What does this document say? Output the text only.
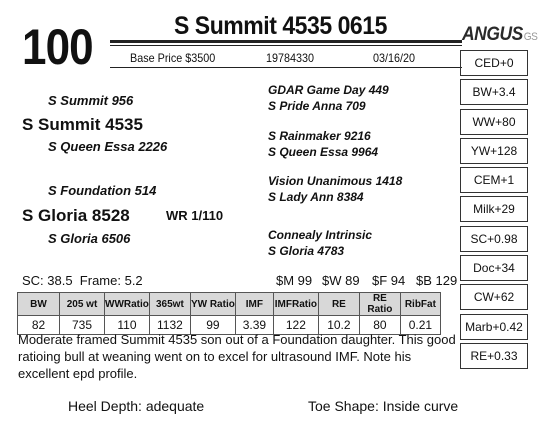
100	S Summit 4535 0615
Base Price $3500	19784330	03/16/20
ANGUSGS
S Summit 956
S Summit 4535
S Queen Essa 2226
S Foundation 514
S Gloria 8528	WR 1/110
S Gloria 6506
GDAR Game Day 449
S Pride Anna 709
S Rainmaker 9216
S Queen Essa 9964
Vision Unanimous 1418
S Lady Ann 8384
Connealy Intrinsic
S Gloria 4783
CED+0
BW+3.4
WW+80
YW+128
CEM+1
Milk+29
SC+0.98
Doc+34
CW+62
Marb+0.42
RE+0.33
SC: 38.5  Frame: 5.2	$M 99 $W 89 $F 94 $B 129
BW	205 wt	WWRatio	365wt	YW Ratio	IMF	IMFRatio	RE	RE Ratio	RibFat
82	735	110	1132	99	3.39	122	10.2	80	0.21
Moderate framed Summit 4535 son out of a Foundation daughter. This good ratioing bull at weaning went on to excel for ultrasound IMF. Note his excellent epd profile.
Heel Depth: adequate	Toe Shape: Inside curve
